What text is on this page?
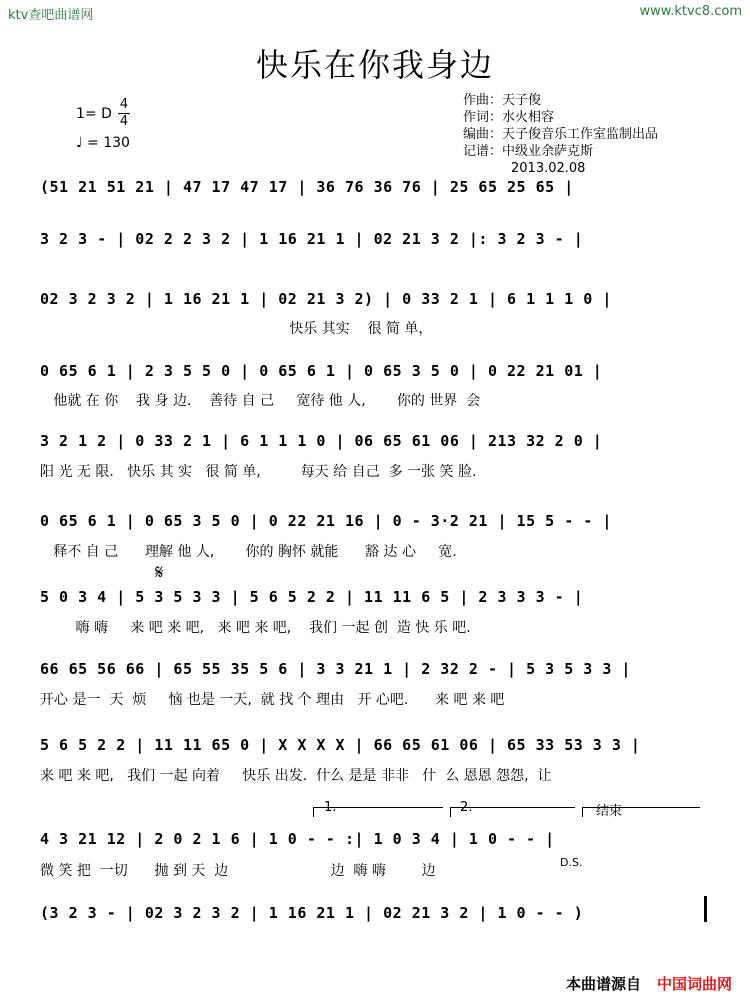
ktv查吧曲谱网	www.ktvc8.com
快乐在你我身边
1= D
4
4
♩ = 130
作曲：天子俊
作词：水火相容
编曲：天子俊音乐工作室监制出品
记谱：中级业余萨克斯
2013.02.08
(51 21 51 21 | 47 17 47 17 | 36 76 36 76 | 25 65 25 65 |
3 2 3 - | 02 2 2 3 2 | 1 16 21 1 | 02 21 3 2 |: 3 2 3 - |
02 3 2 3 2 | 1 16 21 1 | 02 21 3 2) | 0 33 2 1 | 6 1 1 1 0 |
快乐 其实    很 简 单，
0 65 6 1 | 2 3 5 5 0 | 0 65 6 1 | 0 65 3 5 0 | 0 22 21 01 |
他就 在 你    我 身 边.    善待 自 己     宽待 他 人,       你的 世界  会
3 2 1 2 | 0 33 2 1 | 6 1 1 1 0 | 06 65 61 06 | 213 32 2 0 |
阳 光 无 限.   快乐 其 实   很 简 单,         每天 给 自己  多 一张 笑 脸.
0 65 6 1 | 0 65 3 5 0 | 0 22 21 16 | 0 - 3·2 21 | 15 5 - - |
释不 自 己      理解 他 人,       你的 胸怀 就能      豁 达 心     宽.
𝄋
5 0 3 4 | 5 3 5 3 3 | 5 6 5 2 2 | 11 11 6 5 | 2 3 3 3 - |
嗨 嗨     来 吧 来 吧,   来 吧 来 吧,    我们 一起 创  造 快 乐 吧.
66 65 56 66 | 65 55 35 5 6 | 3 3 21 1 | 2 32 2 - | 5 3 5 3 3 |
开心 是一  天  烦     恼 也是 一天,  就 找 个 理由   开 心吧.      来 吧 来 吧
5 6 5 2 2 | 11 11 65 0 | X X X X | 66 65 61 06 | 65 33 53 3 3 |
来 吧 来 吧,   我们 一起 向着     快乐 出发.  什么 是是 非非   什  么 恩恩 怨怨,  让
1.	2.	结束
4 3 21 12 | 2 0 2 1 6 | 1 0 - - :| 1 0 3 4 | 1 0 - - |
微 笑 把  一切      抛 到 天  边                       边  嗨 嗨        边
D.S.
(3 2 3 - | 02 3 2 3 2 | 1 16 21 1 | 02 21 3 2 | 1 0 - - )
本曲谱源自 中国词曲网
